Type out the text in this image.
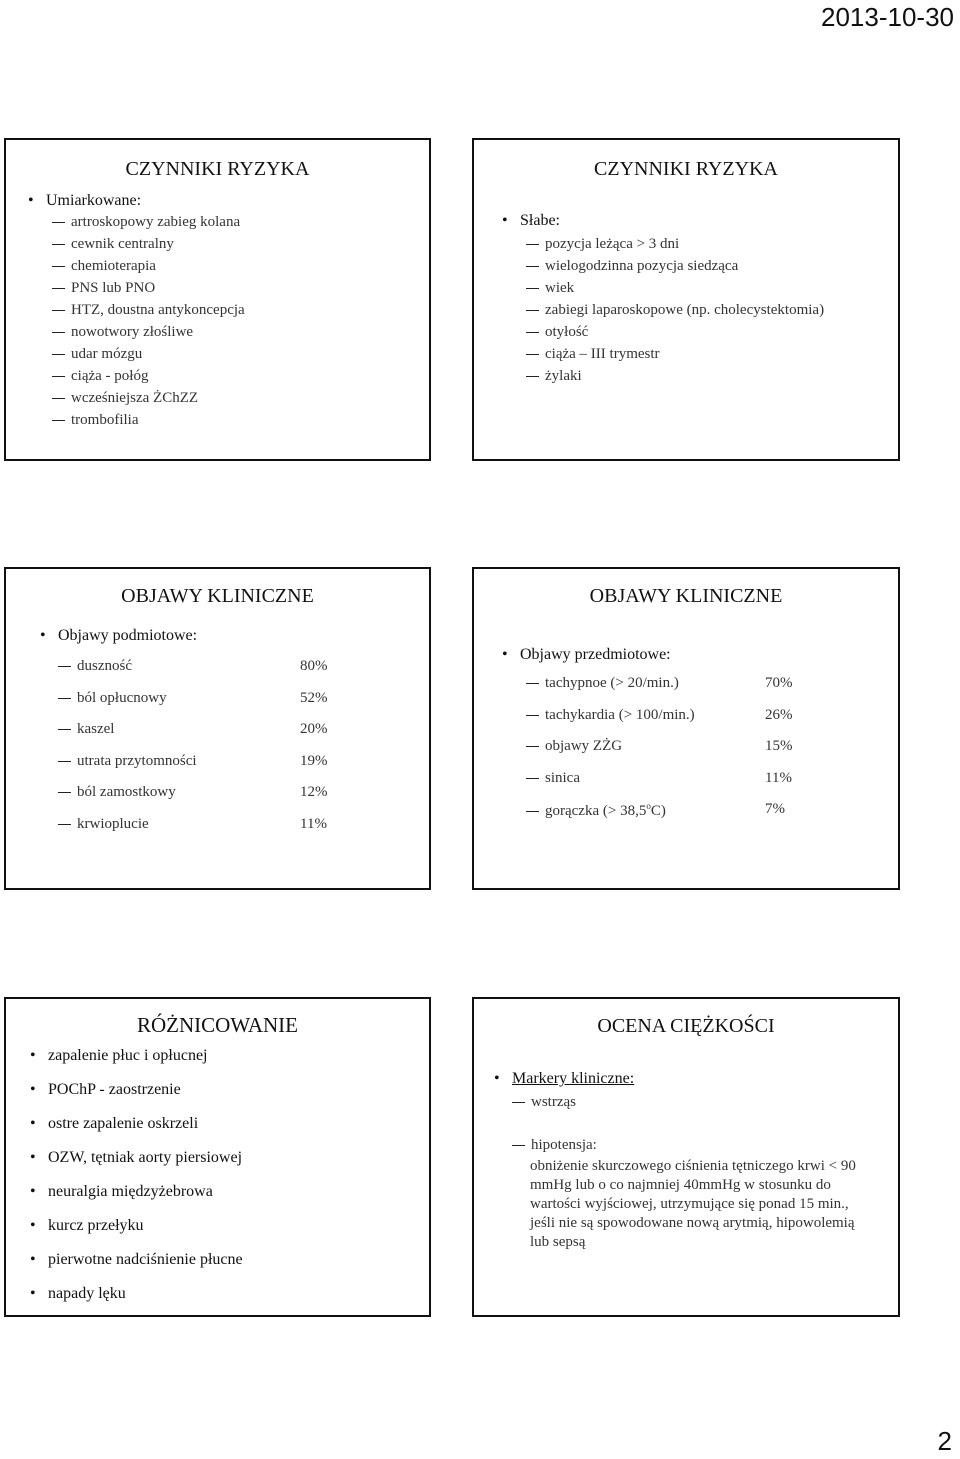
2013-10-30
CZYNNIKI RYZYKA
• Umiarkowane:
artroskopowy zabieg kolana
cewnik centralny
chemioterapia
PNS lub PNO
HTZ, doustna antykoncepcja
nowotwory złośliwe
udar mózgu
ciąża - połóg
wcześniejsza ŻChZZ
trombofilia
CZYNNIKI RYZYKA
• Słabe:
pozycja leżąca > 3 dni
wielogodzinna pozycja siedząca
wiek
zabiegi laparoskopowe (np. cholecystektomia)
otyłość
ciąża – III trymestr
żylaki
OBJAWY KLINICZNE
• Objawy podmiotowe:
duszność	80%
ból opłucnowy	52%
kaszel	20%
utrata przytomności	19%
ból zamostkowy	12%
krwioplucie	11%
OBJAWY KLINICZNE
• Objawy przedmiotowe:
tachypnoe (> 20/min.)	70%
tachykardia (> 100/min.)	26%
objawy ZŻG	15%
sinica	11%
gorączka (> $38,5^oC$)	7%
RÓŻNICOWANIE
• zapalenie płuc i opłucnej
• POChP - zaostrzenie
• ostre zapalenie oskrzeli
• OZW, tętniak aorty piersiowej
• neuralgia międzyżebrowa
• kurcz przełyku
• pierwotne nadciśnienie płucne
• napady lęku
OCENA CIĘŻKOŚCI
• Markery kliniczne:
wstrząs
hipotensja:
obniżenie skurczowego ciśnienia tętniczego krwi < 90
mmHg lub o co najmniej 40mmHg w stosunku do
wartości wyjściowej, utrzymujące się ponad 15 min.,
jeśli nie są spowodowane nową arytmią, hipowolemią
lub sepsą
2
